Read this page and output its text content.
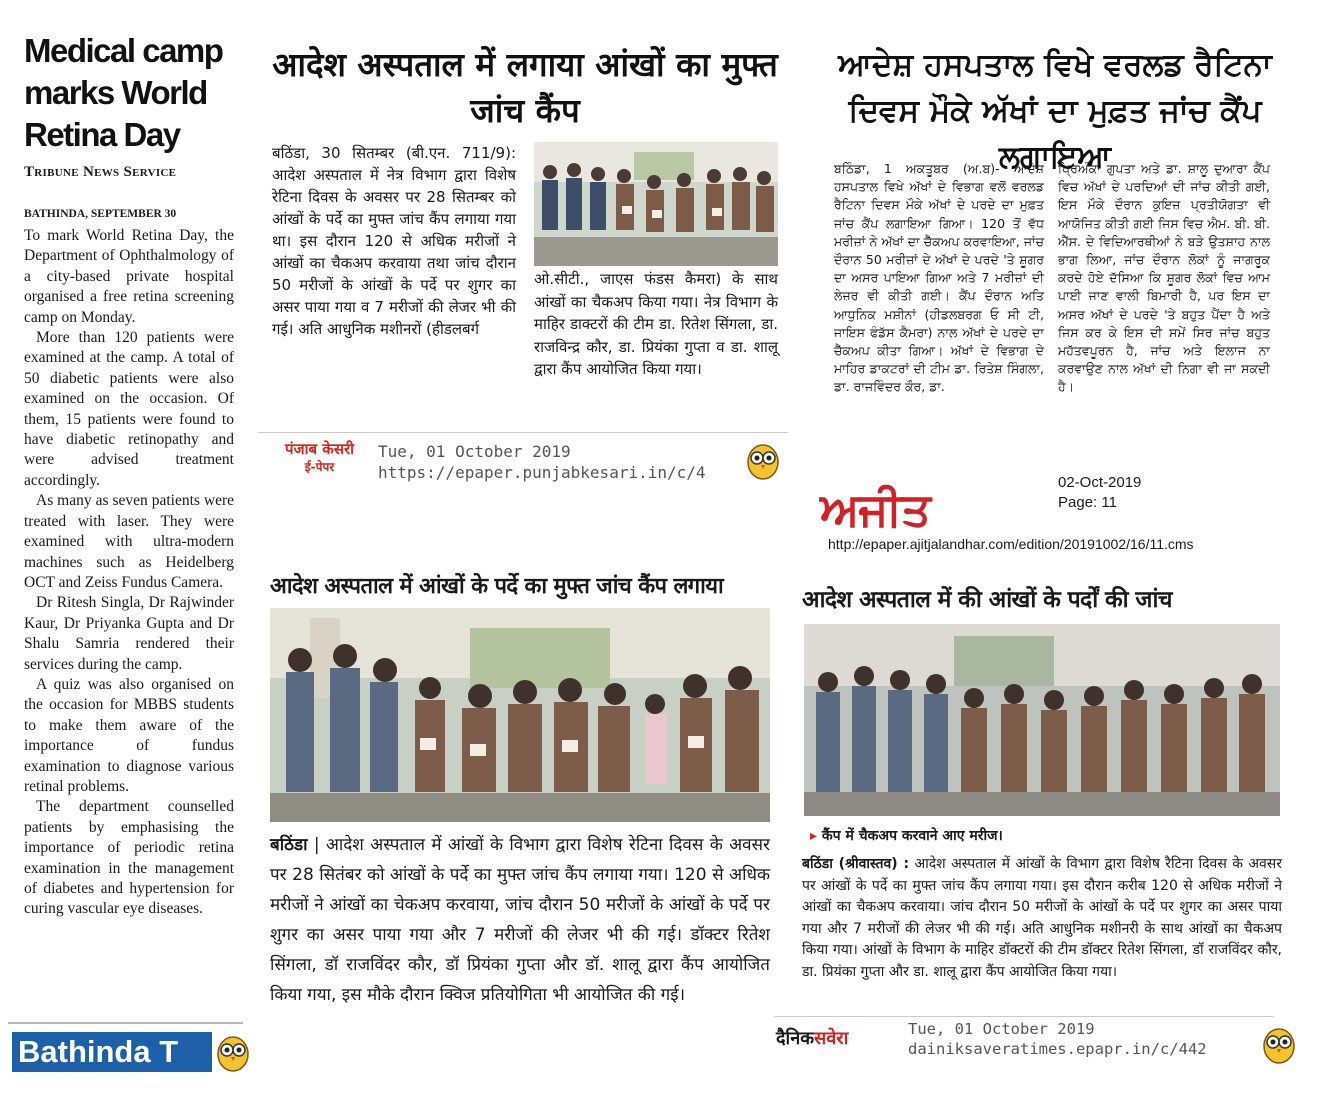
Medical camp marks World Retina Day
Tribune News Service
BATHINDA, SEPTEMBER 30

To mark World Retina Day, the Department of Ophthalmology of a city-based private hospital organised a free retina screening camp on Monday.

More than 120 patients were examined at the camp. A total of 50 diabetic patients were also examined on the occasion. Of them, 15 patients were found to have diabetic retinopathy and were advised treatment accordingly.

As many as seven patients were treated with laser. They were examined with ultra-modern machines such as Heidelberg OCT and Zeiss Fundus Camera.

Dr Ritesh Singla, Dr Rajwinder Kaur, Dr Priyanka Gupta and Dr Shalu Samria rendered their services during the camp.

A quiz was also organised on the occasion for MBBS students to make them aware of the importance of fundus examination to diagnose various retinal problems.

The department counselled patients by emphasising the importance of periodic retina examination in the management of diabetes and hypertension for curing vascular eye diseases.

Bathinda T
आदेश अस्पताल में लगाया आंखों का मुफ्त जांच कैंप
बठिंडा, 30 सितम्बर (बी.एन. 711/9): आदेश अस्पताल में नेत्र विभाग द्वारा विशेष रेटिना दिवस के अवसर पर 28 सितम्बर को आंखों के पर्दे का मुफ्त जांच कैंप लगाया गया था। इस दौरान 120 से अधिक मरीजों ने आंखों का चैकअप करवाया तथा जांच दौरान 50 मरीजों के आंखों के पर्दे पर शुगर का असर पाया गया व 7 मरीजों की लेजर भी की गई। अति आधुनिक मशीनरों (हीडलबर्ग
ओ.सीटी., जाएस फंडस कैमरा) के साथ आंखों का चैकअप किया गया। नेत्र विभाग के माहिर डाक्टरों की टीम डा. रितेश सिंगला, डा. राजविन्द्र कौर, डा. प्रियंका गुप्ता व डा. शालू द्वारा कैंप आयोजित किया गया।
पंजाब केसरी
ई-पेपर
Tue, 01 October 2019
https://epaper.punjabkesari.in/c/4
ਆਦੇਸ਼ ਹਸਪਤਾਲ ਵਿਖੇ ਵਰਲਡ ਰੈਟਿਨਾ ਦਿਵਸ ਮੌਕੇ ਅੱਖਾਂ ਦਾ ਮੁਫ਼ਤ ਜਾਂਚ ਕੈਂਪ ਲਗਾਇਆ
ਬਠਿੰਡਾ, 1 ਅਕਤੂਬਰ (ਅ.ਬ)- ਆਦੇਸ਼ ਹਸਪਤਾਲ ਵਿਖੇ ਅੱਖਾਂ ਦੇ ਵਿਭਾਗ ਵਲੋਂ ਵਰਲਡ ਰੈਟਿਨਾ ਦਿਵਸ ਮੌਕੇ ਅੱਖਾਂ ਦੇ ਪਰਦੇ ਦਾ ਮੁਫ਼ਤ ਜਾਂਚ ਕੈਂਪ ਲਗਾਇਆ ਗਿਆ। 120 ਤੋਂ ਵੱਧ ਮਰੀਜ਼ਾਂ ਨੇ ਅੱਖਾਂ ਦਾ ਚੈੱਕਅਪ ਕਰਵਾਇਆ, ਜਾਂਚ ਦੌਰਾਨ 50 ਮਰੀਜ਼ਾਂ ਦੇ ਅੱਖਾਂ ਦੇ ਪਰਦੇ 'ਤੇ ਸ਼ੂਗਰ ਦਾ ਅਸਰ ਪਾਇਆ ਗਿਆ ਅਤੇ 7 ਮਰੀਜ਼ਾਂ ਦੀ ਲੇਜ਼ਰ ਵੀ ਕੀਤੀ ਗਈ। ਕੈਂਪ ਦੌਰਾਨ ਅਤਿ ਆਧੁਨਿਕ ਮਸ਼ੀਨਾਂ (ਹੀਡਲਬਰਗ ਓ ਸੀ ਟੀ, ਜਾਇਸ ਫੰਡੱਸ ਕੈਮਰਾ) ਨਾਲ ਅੱਖਾਂ ਦੇ ਪਰਦੇ ਦਾ ਚੈੱਕਅਪ ਕੀਤਾ ਗਿਆ। ਅੱਖਾਂ ਦੇ ਵਿਭਾਗ ਦੇ ਮਾਹਿਰ ਡਾਕਟਰਾਂ ਦੀ ਟੀਮ ਡਾ. ਰਿਤੇਸ਼ ਸਿੰਗਲਾ, ਡਾ. ਰਾਜਵਿੰਦਰ ਕੌਰ, ਡਾ.
ਪ੍ਰਿਅੰਕਾ ਗੁਪਤਾ ਅਤੇ ਡਾ. ਸ਼ਾਲੂ ਦੁਆਰਾ ਕੈਂਪ ਵਿਚ ਅੱਖਾਂ ਦੇ ਪਰਦਿਆਂ ਦੀ ਜਾਂਚ ਕੀਤੀ ਗਈ, ਇਸ ਮੌਕੇ ਦੌਰਾਨ ਕੁਇਜ਼ ਪ੍ਰਤੀਯੋਗਤਾ ਵੀ ਆਯੋਜਿਤ ਕੀਤੀ ਗਈ ਜਿਸ ਵਿਚ ਐਮ. ਬੀ. ਬੀ. ਐੱਸ. ਦੇ ਵਿਦਿਆਰਥੀਆਂ ਨੇ ਬੜੇ ਉਤਸ਼ਾਹ ਨਾਲ ਭਾਗ ਲਿਆ, ਜਾਂਚ ਦੌਰਾਨ ਲੋਕਾਂ ਨੂੰ ਜਾਗਰੂਕ ਕਰਦੇ ਹੋਏ ਦੱਸਿਆ ਕਿ ਸ਼ੂਗਰ ਲੋਕਾਂ ਵਿਚ ਆਮ ਪਾਈ ਜਾਣ ਵਾਲੀ ਬਿਮਾਰੀ ਹੈ, ਪਰ ਇਸ ਦਾ ਅਸਰ ਅੱਖਾਂ ਦੇ ਪਰਦੇ 'ਤੇ ਬਹੁਤ ਪੈਂਦਾ ਹੈ ਅਤੇ ਜਿਸ ਕਰ ਕੇ ਇਸ ਦੀ ਸਮੇਂ ਸਿਰ ਜਾਂਚ ਬਹੁਤ ਮਹੱਤਵਪੂਰਨ ਹੈ, ਜਾਂਚ ਅਤੇ ਇਲਾਜ ਨਾ ਕਰਵਾਉਣ ਨਾਲ ਅੱਖਾਂ ਦੀ ਨਿਗਾ ਵੀ ਜਾ ਸਕਦੀ ਹੈ।
ਅਜੀਤ	02-Oct-2019
Page: 11
http://epaper.ajitjalandhar.com/edition/20191002/16/11.cms
आदेश अस्पताल में आंखों के पर्दे का मुफ्त जांच कैंप लगाया
बठिंडा | आदेश अस्पताल में आंखों के विभाग द्वारा विशेष रेटिना दिवस के अवसर पर 28 सितंबर को आंखों के पर्दे का मुफ्त जांच कैंप लगाया गया। 120 से अधिक मरीजों ने आंखों का चेकअप करवाया, जांच दौरान 50 मरीजों के आंखों के पर्दे पर शुगर का असर पाया गया और 7 मरीजों की लेजर भी की गई। डॉक्टर रितेश सिंगला, डॉ राजविंदर कौर, डॉ प्रियंका गुप्ता और डॉ. शालू द्वारा कैंप आयोजित किया गया, इस मौके दौरान क्विज प्रतियोगिता भी आयोजित की गई।
आदेश अस्पताल में की आंखों के पर्दों की जांच
▸ कैंप में चैकअप करवाने आए मरीज।
बठिंडा (श्रीवास्तव) : आदेश अस्पताल में आंखों के विभाग द्वारा विशेष रैटिना दिवस के अवसर पर आंखों के पर्दे का मुफ्त जांच कैंप लगाया गया। इस दौरान करीब 120 से अधिक मरीजों ने आंखों का चैकअप करवाया। जांच दौरान 50 मरीजों के आंखों के पर्दे पर शुगर का असर पाया गया और 7 मरीजों की लेजर भी की गई। अति आधुनिक मशीनरी के साथ आंखों का चैकअप किया गया। आंखों के विभाग के माहिर डॉक्टरों की टीम डॉक्टर रितेश सिंगला, डॉ राजविंदर कौर, डा. प्रियंका गुप्ता और डा. शालू द्वारा कैंप आयोजित किया गया।
दैनिकसवेरा	Tue, 01 October 2019
dainiksaveratimes.epapr.in/c/442
